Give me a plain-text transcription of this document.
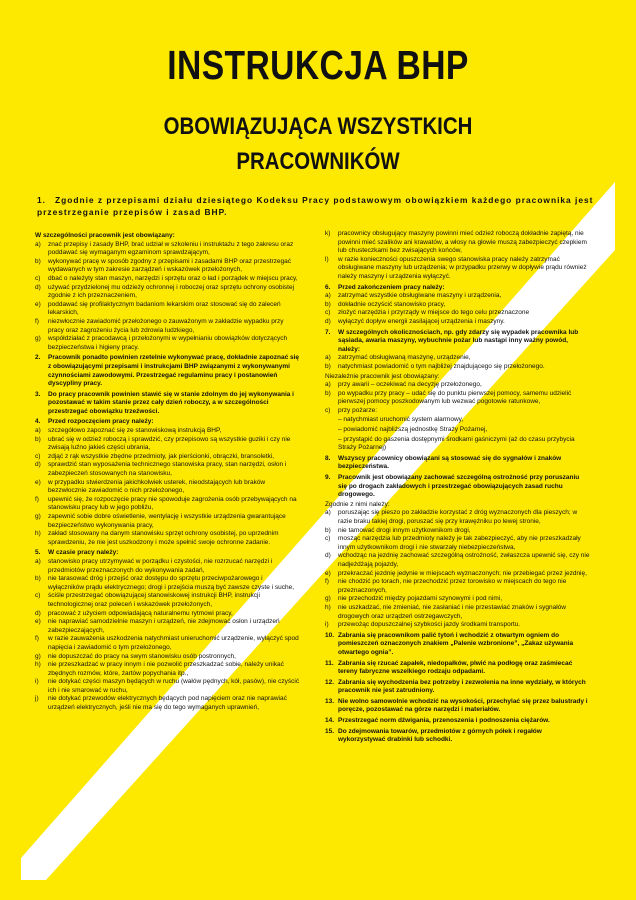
INSTRUKCJA BHP
OBOWIĄZUJĄCA WSZYSTKICH
PRACOWNIKÓW
1. Zgodnie z przepisami działu dziesiątego Kodeksu Pracy podstawowym obowiązkiem każdego pracownika jest przestrzeganie przepisów i zasad BHP.
W szczególności pracownik jest obowiązany:
a)	znać przepisy i zasady BHP, brać udział w szkoleniu i instruktażu z tego zakresu oraz poddawać się wymaganym egzaminom sprawdzającym,
b)	wykonywać pracę w sposób zgodny z przepisami i zasadami BHP oraz przestrzegać wydawanych w tym zakresie zarządzeń i wskazówek przełożonych,
c)	dbać o należyty stan maszyn, narzędzi i sprzętu oraz o ład i porządek w miejscu pracy,
d)	używać przydzielonej mu odzieży ochronnej i roboczej oraz sprzętu ochrony osobistej zgodnie z ich przeznaczeniem,
e)	poddawać się profilaktycznym badaniom lekarskim oraz stosować się do zaleceń lekarskich,
f)	niezwłocznie zawiadomić przełożonego o zauważonym w zakładzie wypadku przy pracy oraz zagrożeniu życia lub zdrowia ludzkiego,
g)	współdziałać z pracodawcą i przełożonymi w wypełnianiu obowiązków dotyczących bezpieczeństwa i higieny pracy.
2.	Pracownik ponadto powinien rzetelnie wykonywać pracę, dokładnie zapoznać się z obowiązującymi przepisami i instrukcjami BHP związanymi z wykonywanymi czynnościami zawodowymi. Przestrzegać regulaminu pracy i postanowień dyscypliny pracy.
3.	Do pracy pracownik powinien stawić się w stanie zdolnym do jej wykonywania i pozostawać w takim stanie przez cały dzień roboczy, a w szczególności przestrzegać obowiązku trzeźwości.
4.	Przed rozpoczęciem pracy należy:
a)	szczegółowo zapoznać się ze stanowiskową instrukcją BHP,
b)	ubrać się w odzież roboczą i sprawdzić, czy przepisowo są wszystkie guziki i czy nie zwisają luźno jakieś części ubrania,
c)	zdjąć z rąk wszystkie zbędne przedmioty, jak pierścionki, obrączki, bransoletki,
d)	sprawdzić stan wyposażenia technicznego stanowiska pracy, stan narzędzi, osłon i zabezpieczeń stosowanych na stanowisku,
e)	w przypadku stwierdzenia jakichkolwiek usterek, nieodstających lub braków bezzwłocznie zawiadomić o nich przełożonego,
f)	upewnić się, że rozpoczęcie pracy nie spowoduje zagrożenia osób przebywających na stanowisku pracy lub w jego pobliżu,
g)	zapewnić sobie dobre oświetlenie, wentylację i wszystkie urządzenia gwarantujące bezpieczeństwo wykonywania pracy,
h)	zakład stosowany na danym stanowisku sprzęt ochrony osobistej, po uprzednim sprawdzeniu, że nie jest uszkodzony i może spełnić swoje ochronne zadanie.
5.	W czasie pracy należy:
a)	stanowisko pracy utrzymywać w porządku i czystości, nie rozrzucać narzędzi i przedmiotów przeznaczonych do wykonywania zadań,
b)	nie tarasować dróg i przejść oraz dostępu do sprzętu przeciwpożarowego i wyłączników prądu elektrycznego; drogi i przejścia muszą być zawsze czyste i suche,
c)	ściśle przestrzegać obowiązującej stanowiskowej instrukcji BHP, instrukcji technologicznej oraz poleceń i wskazówek przełożonych,
d)	pracować z użyciem odpowiadającą naturalnemu rytmowi pracy,
e)	nie naprawiać samodzielnie maszyn i urządzeń, nie zdejmować osłon i urządzeń zabezpieczających,
f)	w razie zauważenia uszkodzenia natychmiast unieruchomić urządzenie, wyłączyć spod napięcia i zawiadomić o tym przełożonego,
g)	nie dopuszczać do pracy na swym stanowisku osób postronnych,
h)	nie przeszkadzać w pracy innym i nie pozwolić przeszkadzać sobie, należy unikać zbędnych rozmów, które, żartów popychania itp.,
i)	nie dotykać części maszyn będących w ruchu (wałów pędnych, kół, pasów), nie czyścić ich i nie smarować w ruchu,
j)	nie dotykać przewodów elektrycznych będących pod napięciem oraz nie naprawiać urządzeń elektrycznych, jeśli nie ma się do tego wymaganych uprawnień,
k)	pracownicy obsługujący maszyny powinni mieć odzież roboczą dokładnie zapiętą, nie powinni mieć szalików ani krawatów, a włosy na głowie muszą zabezpieczyć czepkiem lub chusteczkami bez zwisających końców,
l)	w razie konieczności opuszczenia swego stanowiska pracy należy zatrzymać obsługiwane maszyny lub urządzenia; w przypadku przerwy w dopływie prądu również należy maszyny i urządzenia wyłączyć.
6.	Przed zakończeniem pracy należy:
a)	zatrzymać wszystkie obsługiwane maszyny i urządzenia,
b)	dokładnie oczyścić stanowisko pracy,
c)	złożyć narzędzia i przyrządy w miejsce do tego celu przeznaczone
d)	wyłączyć dopływ energii zasilającej urządzenia i maszyny.
7.	W szczególnych okolicznościach, np. gdy zdarzy się wypadek pracownika lub sąsiada, awaria maszyny, wybuchnie pożar lub nastąpi inny ważny powód, należy:
a)	zatrzymać obsługiwaną maszynę, urządzenie,
b)	natychmiast powiadomić o tym najbliżej znajdującego się przełożonego.
Niezależnie pracownik jest obowiązany:
a)	przy awarii – oczekiwać na decyzję przełożonego,
b)	po wypadku przy pracy – udać się do punktu pierwszej pomocy, samemu udzielić pierwszej pomocy poszkodowanym lub wezwać pogotowie ratunkowe,
c)	przy pożarze:
– natychmiast uruchomić system alarmowy,
– powiadomić najbliższą jednostkę Straży Pożarnej,
– przystąpić do gaszenia dostępnymi środkami gaśniczymi (aż do czasu przybycia Straży Pożarnej)
8.	Wszyscy pracownicy obowiązani są stosować się do sygnałów i znaków bezpieczeństwa.
9.	Pracownik jest obowiązany zachować szczególną ostrożność przy poruszaniu się po drogach zakładowych i przestrzegać obowiązujących zasad ruchu drogowego.
Zgodnie z nimi należy:
a)	poruszając się pieszo po zakładzie korzystać z dróg wyznaczonych dla pieszych; w razie braku takiej drogi, poruszać się przy krawężniku po lewej stronie,
b)	nie tamować drogi innym użytkownikom drogi,
c)	mosząc narzędzia lub przedmioty należy je tak zabezpieczyć, aby nie przeszkadzały innym użytkownikom drogi i nie stwarzały niebezpieczeństwa,
d)	wchodząc na jezdnię zachować szczególną ostrożność, zwłaszcza upewnić się, czy nie nadjeżdżają pojazdy,
e)	przekraczać jezdnię jedynie w miejscach wyznaczonych; nie przebiegać przez jezdnię,
f)	nie chodzić po torach, nie przechodzić przez torowisko w miejscach do tego nie przeznaczonych,
g)	nie przechodzić między pojazdami szynowymi i pod nimi,
h)	nie uszkadzać, nie zmieniać, nie zasłaniać i nie przestawiać znaków i sygnałów drogowych oraz urządzeń ostrzegawczych,
i)	przewożąc dopuszczalnej szybkości jazdy środkami transportu.
10. Zabrania się pracownikom palić tytoń i wchodzić z otwartym ogniem do pomieszczeń oznaczonych znakiem „Palenie wzbronione”, „Zakaz używania otwartego ognia”.
11. Zabrania się rzucać zapałek, niedopałków, plwić na podłogę oraz zaśmiecać tereny fabryczne wszelkiego rodzaju odpadami.
12. Zabrania się wychodzenia bez potrzeby i zezwolenia na inne wydziały, w których pracownik nie jest zatrudniony.
13. Nie wolno samowolnie wchodzić na wysokości, przechylać się przez balustrady i poręcze, pozostawać na górze narzędzi i materiałów.
14. Przestrzegać norm dźwigania, przenoszenia i podnoszenia ciężarów.
15. Do zdejmowania towarów, przedmiotów z górnych półek i regałów wykorzystywać drabinki lub schodki.
